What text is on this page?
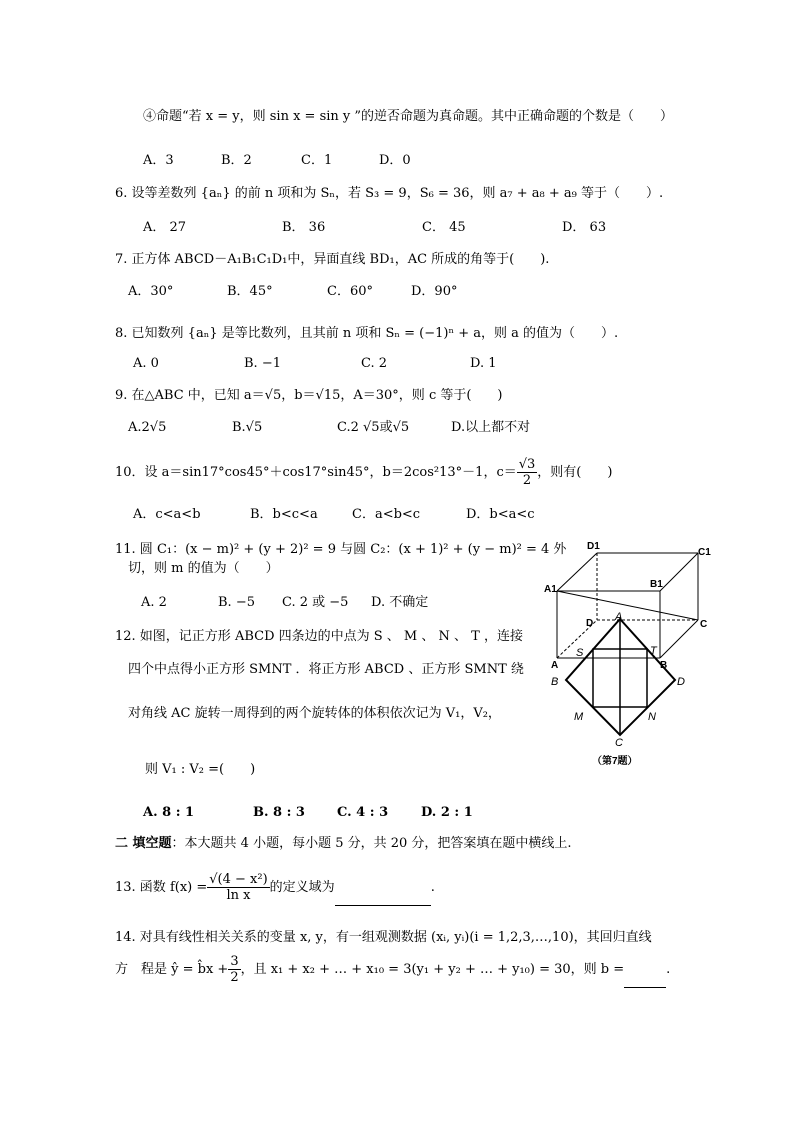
④命题“若 x = y，则 sin x = sin y ”的逆否命题为真命题。其中正确命题的个数是（　　）
A．3	B．2	C．1	D．0
6. 设等差数列 {aₙ} 的前 n 项和为 Sₙ，若 S₃ = 9，S₆ = 36，则 a₇ + a₈ + a₉ 等于（　　）.
A． 27	B． 36	C． 45	D． 63
7. 正方体 ABCD－A₁B₁C₁D₁中，异面直线 BD₁，AC 所成的角等于(　　).
A．30°	B．45°	C．60°	D．90°
8. 已知数列 {aₙ} 是等比数列，且其前 n 项和 Sₙ = (−1)ⁿ + a，则 a 的值为（　　）.
A. 0	B. −1	C. 2	D. 1
9. 在△ABC 中，已知 a＝√5，b＝√15，A＝30°，则 c 等于(　　)
A.2√5	B.√5	C.2 √5或√5	D.以上都不对
10．设 a＝sin17°cos45°＋cos17°sin45°，b＝2cos²13°－1，$c= \frac{√3}{2}$ ，则有(　　)
A．c<a<b	B．b<c<a	C．a<b<c	D．b<a<c
11. 圆 C₁：(x − m)² + (y + 2)² = 9 与圆 C₂：(x + 1)² + (y − m)² = 4 外
切，则 m 的值为（　　）
A. 2	B. −5 C. 2 或 −5 D. 不确定
12. 如图，记正方形 ABCD 四条边的中点为 S 、 M 、 N 、 T ，连接
四个中点得小正方形 SMNT ．将正方形 ABCD 、正方形 SMNT 绕
对角线 AC 旋转一周得到的两个旋转体的体积依次记为 V₁，V₂，
则 V₁ : V₂ =(　　)
A. 8 : 1	B. 8 : 3 C. 4 : 3	D. 2 : 1
二 填空题：本大题共 4 小题，每小题 5 分，共 20 分，把答案填在题中横线上.
13. 函数 $f(x) = \frac{\text{√(4 − x²)}}{\text{ln x}}$ 的定义域为	.
14. 对具有线性相关关系的变量 x, y，有一组观测数据 (xᵢ, yᵢ)(i = 1,2,3,…,10)，其回归直线
方　程是 ŷ = b̂x + $\frac{3}{2}$ ，且 x₁ + x₂ + … + x₁₀ = 3(y₁ + y₂ + … + y₁₀) = 30，则 b =	.
D1
C1
A1	B1
D	C
A	B
A
B
C
D
S	T
M	N
（第7题）
